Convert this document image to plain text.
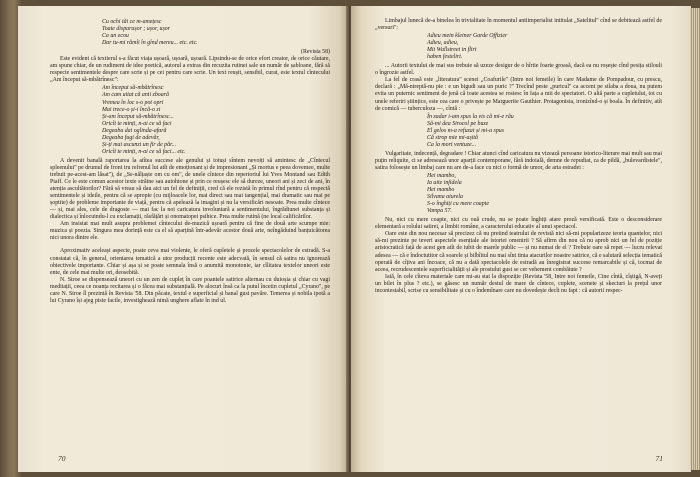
Cu ochi tăi ce m-amețesc
Toate disparușor ; ușor, ușor
Ca un ecou
Dar tu-mi rămîi în gînd mereu... etc. etc.

(Revista 58)

Este evident că textierul s-a făcut viața ușoară, ușoară, ușoară. Lipsindu-se de orice efort creator, de orice căutare, am spune chiar, de un rudiment de idee poetică, autorul a extras din recuzita rutinei sale un număr de șabloane, fără să respecte sentimentele despre care scrie și pe cei pentru care scrie. Un text reușit, sensibil, curat, este textul cîntecului „Am început să-mbătrînesc":

Am început să-mbătrînesc
Am cam uitat că anii zboară
Vremea în loc s-o pot opri
Mai trece-o și-i încă-o zi
Și-am început să-mbătrînesc...
Oricît te minți, n-ai ce să faci
Degeaba dai oglinda-afară
Degeaba fugi de adevăr,
Și-ți mai ascunzi un fir de păr...
Oricît te minți, n-ai ce să faci... etc.

A devenit banală raportarea la atîtea succese ale genului și totuși sîntem nevoiți să amintesc de „Cîntecul spleenului" pe drumul de front iru refrenul lui atît de emoționant și de impresionant „Și mortus e peea dovemee, multe trebuit pe-acest-am lăsat"), de „Se-nălțaște om cu om", de unele cîntece din repertoriul lui Yves Montand sau Edith Piaff. Ce le este comun acestor texte străine sau autohtone și prin ce reușesc ele să dureze, uneori ani și zeci de ani, în atenția ascultătorilor? Fără să vreau să dau aici un fel de definiții, cred că ele rezistă în primul rînd pentru că respectă sentimentele și ideile, pentru că se apropie (cu mijloacele lor, mai direct sau mai tangențial, mai dramatic sau mai pe șoptite) de probleme importante de viață, pentru că apelează la imagini și nu la versificări nesoate. Prea multe cîntece — și, mai ales, cele de dragoste — mai fac la noi caricatura involuntară a sentimentului, îngrădiunei substanța și dialectica și înlocuindu-l cu exclamații, răsfățări și onomatopei psihice. Prea multe rutină (ne local calificărilor.

Am insistat mai mult asupra problemei cîntecului de-muzică ușoară pentru că fine de două arte scumpe mie: muzica și poezia. Singura mea dorință este ca el să aparțină într-adevăr acestor două arte, neîngăduind banțuicătorea nici unora dintre ele.

Aproximativ aceleași aspecte, poate ceva mai violente, le oferă cupletele și prozele spectacolelor de estradă. S-a constatat că, în general, orientarea tematică a utor producții recente este adecvată, în sensul că satira nu ignorează obiectivele importante. Chiar și așa și se poate semnala însă o anumită monotonie, iar cîlitatea textelor uneori este ente, de cele mai multe ori, deosebită.

N. Stroe se dispensează uneori cu un zen de cupleț în care poantele satirice alternau cu duioșia și chiar cu vagi meditații, ceea ce noanța recitarea și o făcea mai substanțială. Pe alocuri însă ca la putul încetin cupletul „Cyrano", pe care N. Stroe îl prezintă în Revista '58. Din păcate, textul e superficial și banal gust pavăre. Temerea și nobila ipotă a lui Cyrano își ajeg piste facile, investighează nimă unghere aflate în ind ul.

70

Limbajul lunecă de-a binelea în trivialitate în momentul antiimperialist intitulat „Satelitul" cînd se debitează astfel de „versuri":

Adieu mein kleiner Garde Offizier
Adieu, adieu,
Mit Wallstreet in flirt
haben festelirt.

... Autorii textului de mai sus trebuie să uzeze desigur de o hîrtie foarte groasă, dacă ea nu roșește cînd pesița stilouli o îngrozie astfel.

La fel de crasă este „literatura" scenei „Coafurile" (Intre noi femeile) în care Madame de Pompadour, cu prescu, declară : „Mă-ntreptă-nu pie : e un bigudi sau un puric ?" Trecînd peste „puricul" ca accent pe silaba a doua, nu putem evita un puternic sentiment de jenă că toate acestea se rostesc în fața a mii de spectatori. O altă parte a cupletului, tot cu unele referiri științice, este cea care o privește pe Marguerite Gauthier. Protagonista, ironizînd-o și boala. În definitiv, atît de comică — tuberculoza —, cîntă :

În zadar i-am spus la vis că mi-e rău
Să-mi dea Sirocol pe buze
El gelos m-a refuzat și mi-a spus
Că strop mie mi-așită
Ca la mort ventuze...

Vulgaritate, indecență, degradare ! Chiar atunci cînd caricatura nu vizează persoane istorico-literare mai mult sau mai puțin reliquite, ci se adresează unor aparții contemporane, fără indoială, demne de repudiat, ca de pildă, „bulevardistele", satira folosește un limbaj care nu are de-a face cu nici o formă de umor, de arta estradei :

Hei mambo,
Ia uite infidela
Hei mambo
Silvana aiurela
S-o înghiți cu mere coapte
Vampa 57.

Nu, nici cu mere coapte, nici cu ouă crude, nu se poate înghiți atare proză versificată. Este o desconsiderare elementară a rolului satirei, a limbii române, a caracterului educativ al unui spectacol.

Oare este din nou necesar să precizez că nu pretind teatrului de revistă nici să-mi popularizeze teoria quantelor, nici să-mi prezinte pe teveri aspectele esențiale ale istoriei omenirii ? Să afirm din nou că nu aprob nici un fel de poziție aristocratică față de acest gen atît de iubit de marele public — și nu numai de el ? Trebuie oare să repet — lucru relevat adesea — că e îndoctutitor că soarele și bilbîitul nu mai sînt tinta atacurilor noastre satirice, că e salutară selecția tematică operată de cîțiva ani încoace, că nu a dată spectacolele de estradă au înregistrat succese remarcabile și că, tocmai de aceea, recrudescentele superficialității și ale prostului gust se cer vehement combătute ?

Iată, în cele cîteva materiale care mi-au stat la dispoziție (Revista '58, Intre noi femeile, Cine cîntă, cîștigă, N-aveți un bilet în plus ? etc.), se găsesc un număr destul de mare de cîntece, cuplete, scenete și skeciuri la prețul unor incontestabil, scrise cu sensibilitate și cu o îndemînare care nu dovedește decît nu fapt : că autorii respec-

71
